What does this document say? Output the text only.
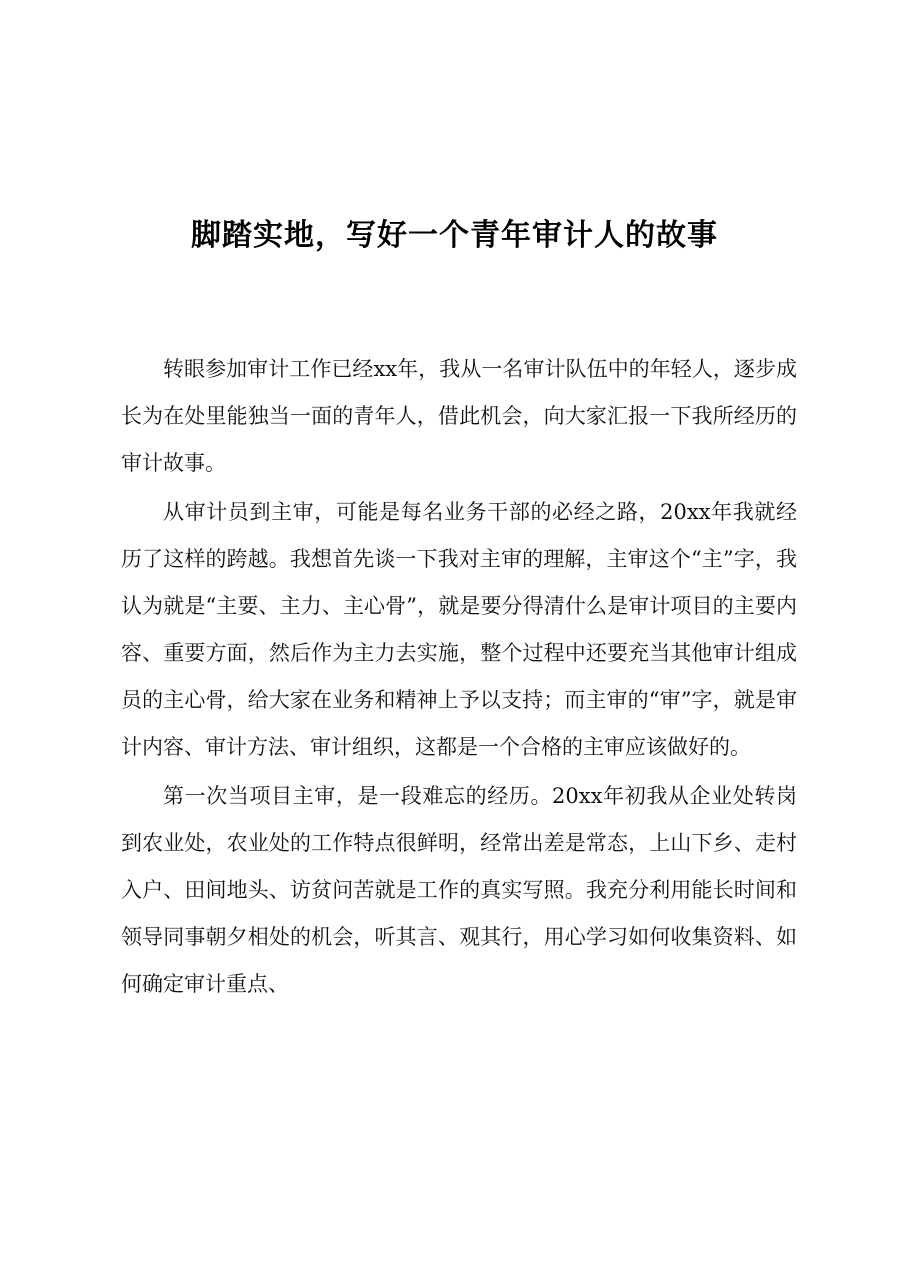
脚踏实地，写好一个青年审计人的故事

转眼参加审计工作已经xx年，我从一名审计队伍中的年轻人，逐步成长为在处里能独当一面的青年人，借此机会，向大家汇报一下我所经历的审计故事。

从审计员到主审，可能是每名业务干部的必经之路，20xx年我就经历了这样的跨越。我想首先谈一下我对主审的理解，主审这个“主”字，我认为就是“主要、主力、主心骨”，就是要分得清什么是审计项目的主要内容、重要方面，然后作为主力去实施，整个过程中还要充当其他审计组成员的主心骨，给大家在业务和精神上予以支持；而主审的“审”字，就是审计内容、审计方法、审计组织，这都是一个合格的主审应该做好的。

第一次当项目主审，是一段难忘的经历。20xx年初我从企业处转岗到农业处，农业处的工作特点很鲜明，经常出差是常态，上山下乡、走村入户、田间地头、访贫问苦就是工作的真实写照。我充分利用能长时间和领导同事朝夕相处的机会，听其言、观其行，用心学习如何收集资料、如何确定审计重点、
